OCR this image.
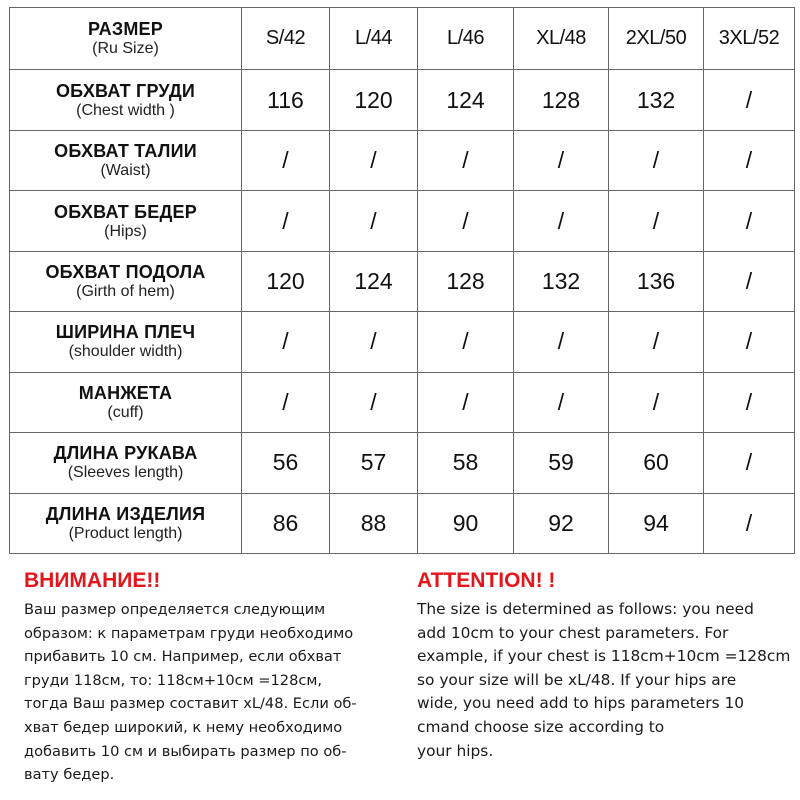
РАЗМЕР
(Ru Size)	S/42	L/44	L/46	XL/48	2XL/50	3XL/52

ОБХВАТ ГРУДИ
(Chest width )	116	120	124	128	132	/

ОБХВАТ ТАЛИИ
(Waist)	/	/	/	/	/	/

ОБХВАТ БЕДЕР
(Hips)	/	/	/	/	/	/

ОБХВАТ ПОДОЛА
(Girth of hem)	120	124	128	132	136	/

ШИРИНА ПЛЕЧ
(shoulder width)	/	/	/	/	/	/

МАНЖЕТА
(cuff)	/	/	/	/	/	/

ДЛИНА РУКАВА
(Sleeves length)	56	57	58	59	60	/

ДЛИНА ИЗДЕЛИЯ
(Product length)	86	88	90	92	94	/
ВНИМАНИЕ!!
Ваш размер определяется следующим
образом: к параметрам груди необходимо
прибавить 10 см. Например, если обхват
груди 118см, то: 118см+10см =128см,
тогда Ваш размер составит xL/48. Если об-
хват бедер широкий, к нему необходимо
добавить 10 см и выбирать размер по об-
вату бедер.
ATTENTION! !
The size is determined as follows: you need
add 10cm to your chest parameters. For
example, if your chest is 118cm+10cm =128cm
so your size will be xL/48. If your hips are
wide, you need add to hips parameters 10
cmand choose size according to
your hips.
